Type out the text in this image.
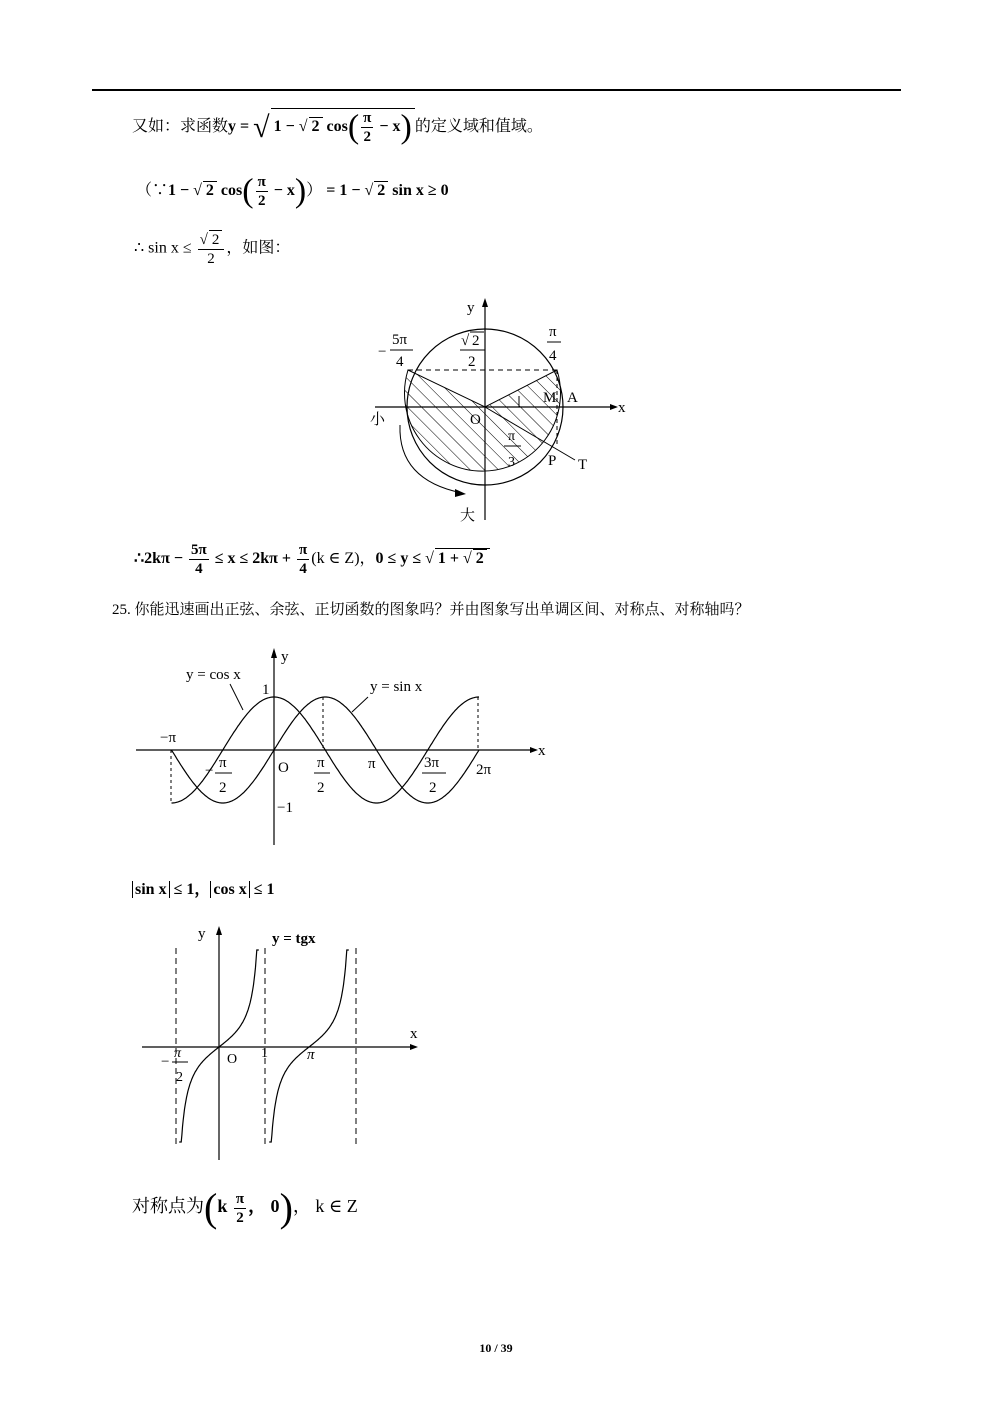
又如：求函数y = √ 1 − √ 2 $\cos( \frac{\pi}{2} - x)$ 的定义域和值域。
（∵1 − √ 2 $\cos( \frac{\pi}{2} - x)) = 1$ − √ 2 sin x ≥ 0
∴ $\sin x \le \frac{√ 2}{2}$ ，如图：
y
x
−
5π
4
√ 2
2
π
4
M A
O
小
大
π
3 P T
∴2kπ − $\frac{5\pi}{4} \le x \le 2k\pi + \frac{\pi}{4} (k$ ∈ Z)，0 ≤ y ≤ √ 1 + √ 2
25. 你能迅速画出正弦、余弦、正切函数的图象吗？并由图象写出单调区间、对称点、对称轴吗？
y
x
y = cos x
y = sin x
1
−1
−π
− π
2
O π
2
π	3π
2
2π
sin x ≤ 1， cos x ≤ 1
y	y = tgx
x
−
π
2
O 1	π
对称点为($k \frac{\pi}{2}$ ， 0)， k ∈ Z
10 / 39
